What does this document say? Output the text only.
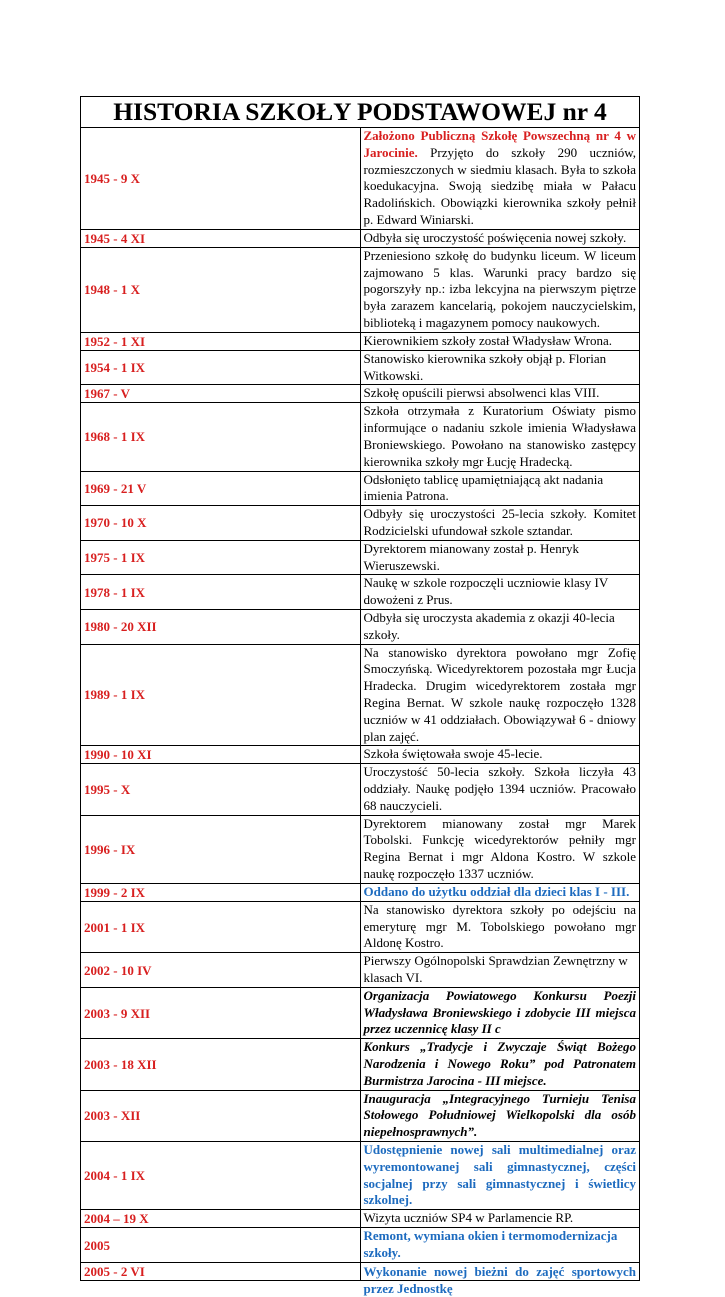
HISTORIA SZKOŁY PODSTAWOWEJ nr 4	
1945 - 9 X	Założono Publiczną Szkołę Powszechną nr 4 w Jarocinie. Przyjęto do szkoły 290 uczniów, rozmieszczonych w siedmiu klasach. Była to szkoła koedukacyjna. Swoją siedzibę miała w Pałacu Radolińskich. Obowiązki kierownika szkoły pełnił p. Edward Winiarski.
1945 - 4 XI	Odbyła się uroczystość poświęcenia nowej szkoły.
1948 - 1 X	Przeniesiono szkołę do budynku liceum. W liceum zajmowano 5 klas. Warunki pracy bardzo się pogorszyły np.: izba lekcyjna na pierwszym piętrze była zarazem kancelarią, pokojem nauczycielskim, biblioteką i magazynem pomocy naukowych.
1952 - 1 XI	Kierownikiem szkoły został Władysław Wrona.
1954 - 1 IX	Stanowisko kierownika szkoły objął p. Florian Witkowski.
1967 - V	Szkołę opuścili pierwsi absolwenci klas VIII.
1968 - 1 IX	Szkoła otrzymała z Kuratorium Oświaty pismo informujące o nadaniu szkole imienia Władysława Broniewskiego. Powołano na stanowisko zastępcy kierownika szkoły mgr Łucję Hradecką.
1969 - 21 V	Odsłonięto tablicę upamiętniającą akt nadania imienia Patrona.
1970 - 10 X	Odbyły się uroczystości 25-lecia szkoły. Komitet Rodzicielski ufundował szkole sztandar.
1975 - 1 IX	Dyrektorem mianowany został p. Henryk Wieruszewski.
1978 - 1 IX	Naukę w szkole rozpoczęli uczniowie klasy IV dowożeni z Prus.
1980 - 20 XII	Odbyła się uroczysta akademia z okazji 40-lecia szkoły.
1989 - 1 IX	Na stanowisko dyrektora powołano mgr Zofię Smoczyńską. Wicedyrektorem pozostała mgr Łucja Hradecka. Drugim wicedyrektorem została mgr Regina Bernat. W szkole naukę rozpoczęło 1328 uczniów w 41 oddziałach. Obowiązywał 6 - dniowy plan zajęć.
1990 - 10 XI	Szkoła świętowała swoje 45-lecie.
1995 - X	Uroczystość 50-lecia szkoły. Szkoła liczyła 43 oddziały. Naukę podjęło 1394 uczniów. Pracowało 68 nauczycieli.
1996 - IX	Dyrektorem mianowany został mgr Marek Tobolski. Funkcję wicedyrektorów pełniły mgr Regina Bernat i mgr Aldona Kostro. W szkole naukę rozpoczęło 1337 uczniów.
1999 - 2 IX	Oddano do użytku oddział dla dzieci klas I - III.
2001 - 1 IX	Na stanowisko dyrektora szkoły po odejściu na emeryturę mgr M. Tobolskiego powołano mgr Aldonę Kostro.
2002 - 10 IV	Pierwszy Ogólnopolski Sprawdzian Zewnętrzny w klasach VI.
2003 - 9 XII	Organizacja Powiatowego Konkursu Poezji Władysława Broniewskiego i zdobycie III miejsca przez uczennicę klasy II c
2003 - 18 XII	Konkurs „Tradycje i Zwyczaje Świąt Bożego Narodzenia i Nowego Roku” pod Patronatem Burmistrza Jarocina - III miejsce.
2003 - XII	Inauguracja „Integracyjnego Turnieju Tenisa Stołowego Południowej Wielkopolski dla osób niepełnosprawnych”.
2004 - 1 IX	Udostępnienie nowej sali multimedialnej oraz wyremontowanej sali gimnastycznej, części socjalnej przy sali gimnastycznej i świetlicy szkolnej.
2004 – 19 X	Wizyta uczniów SP4 w Parlamencie RP.
2005	Remont, wymiana okien i termomodernizacja szkoły.
2005 - 2 VI	Wykonanie nowej bieżni do zajęć sportowych przez Jednostkę
